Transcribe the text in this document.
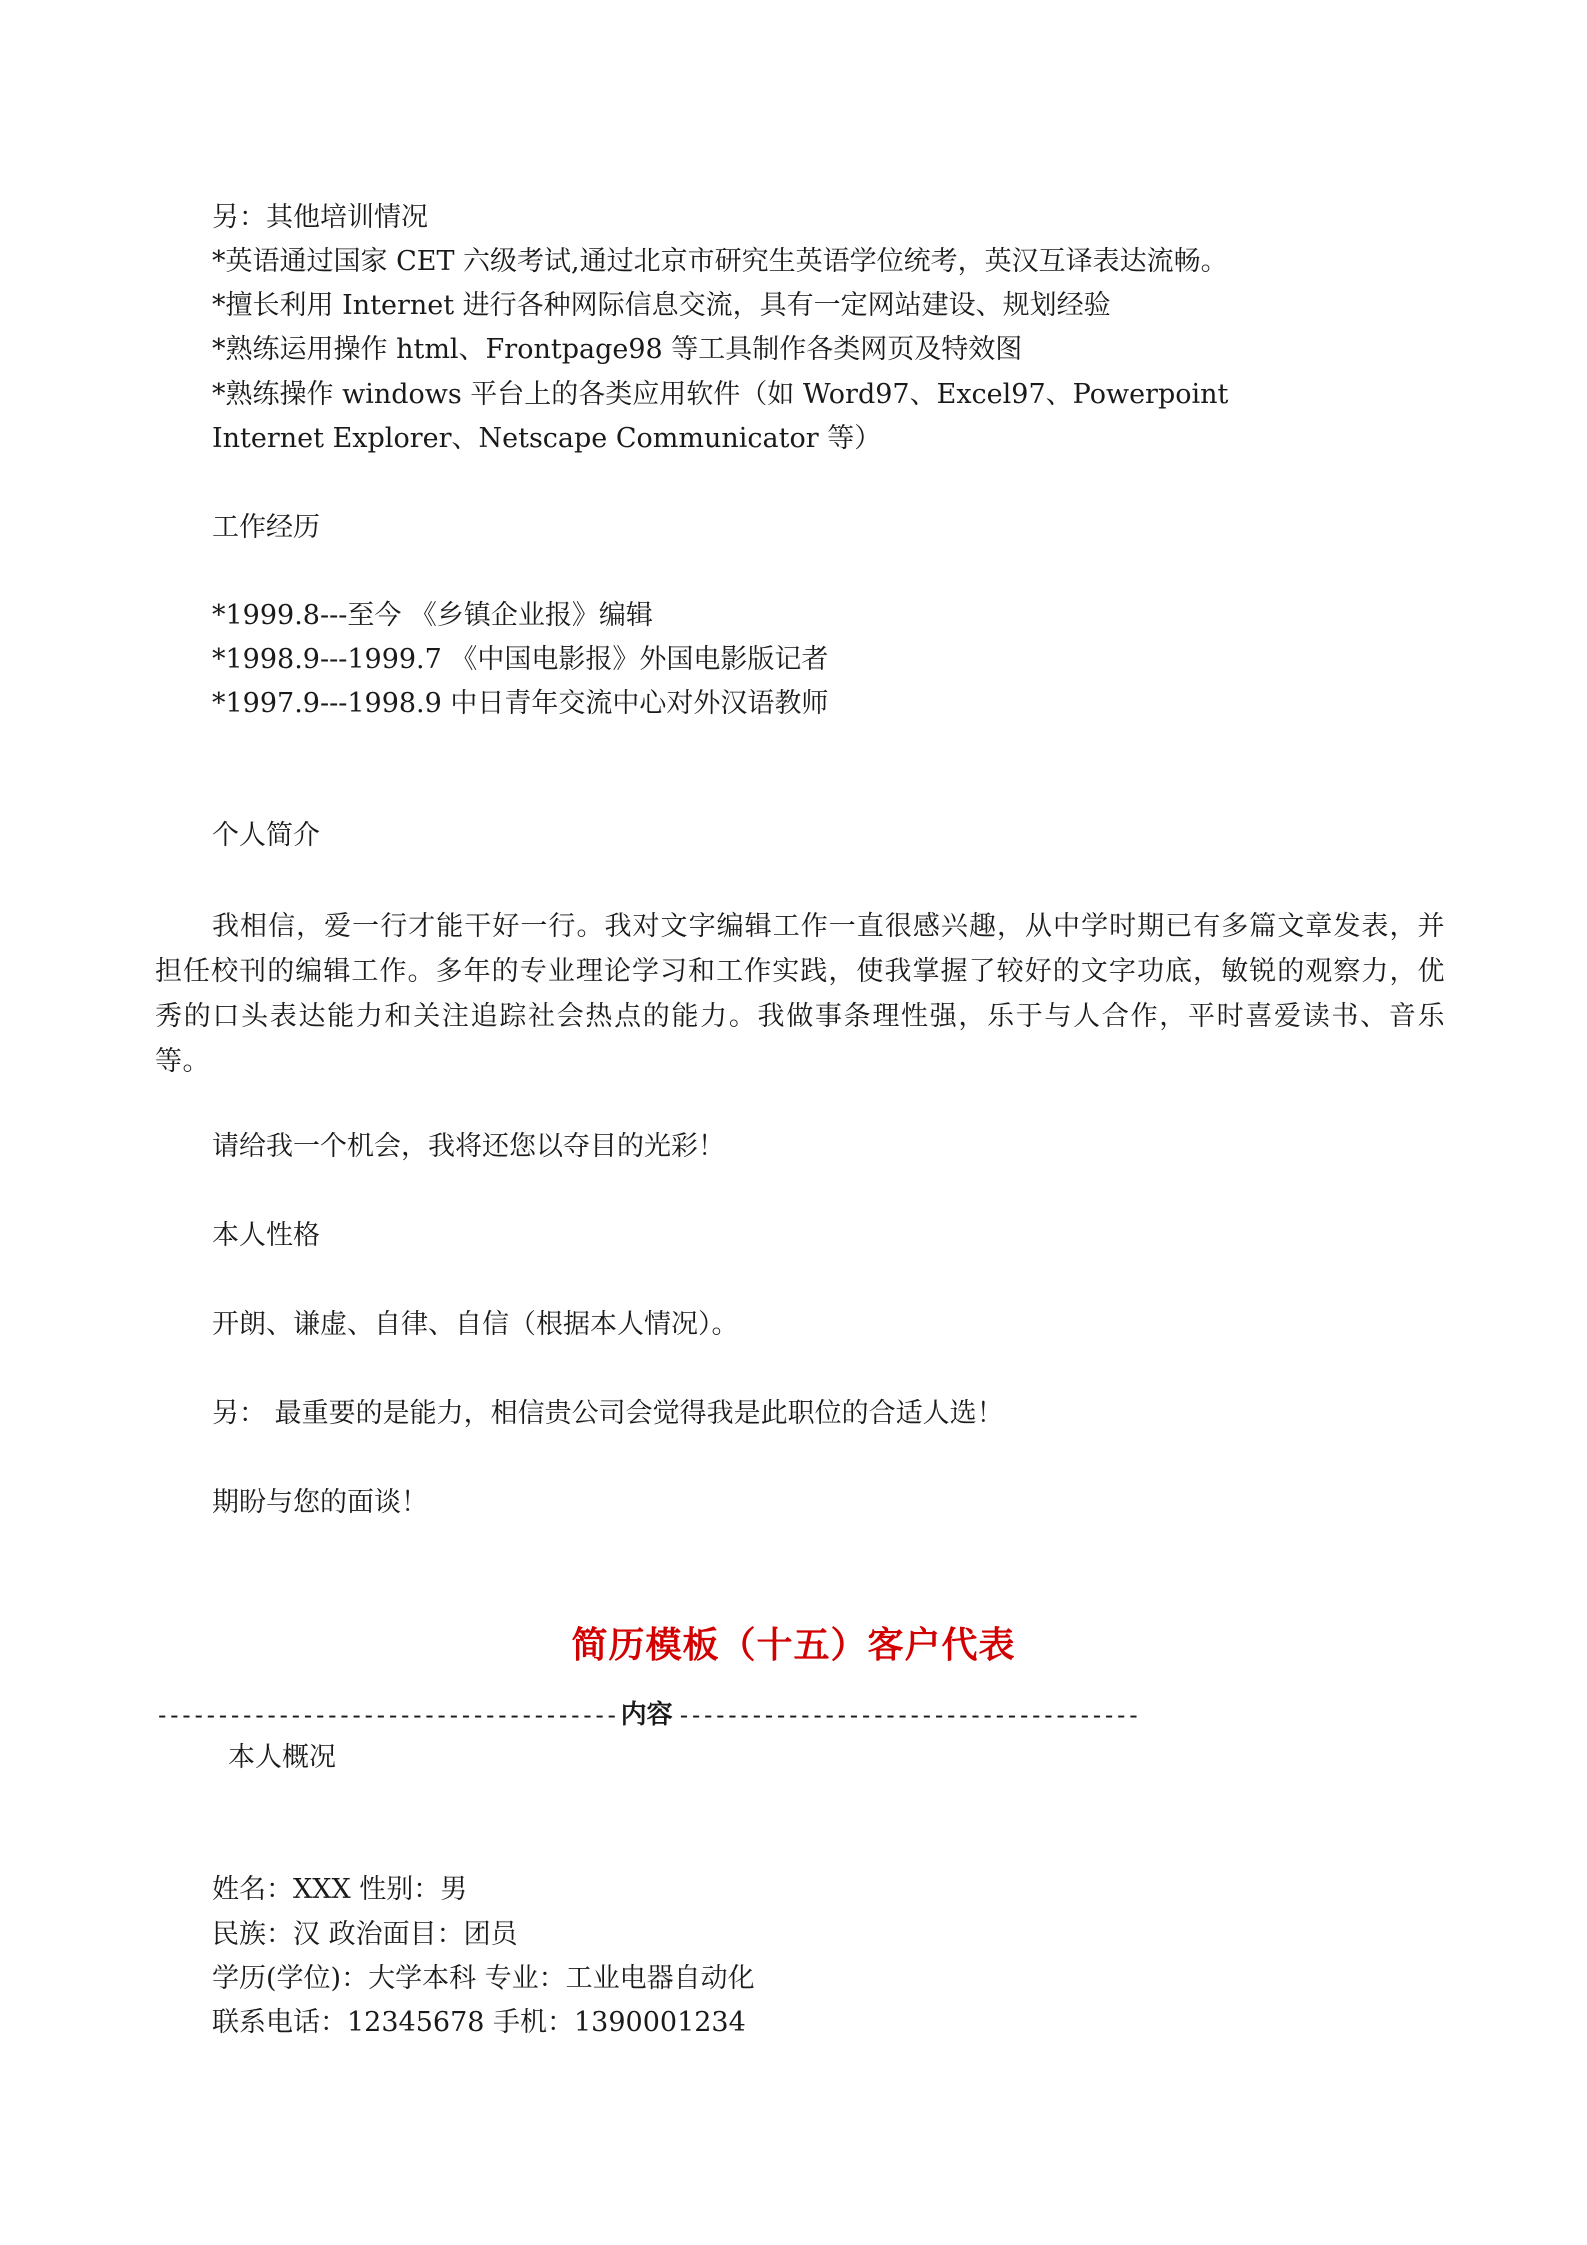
另：其他培训情况

*英语通过国家 CET 六级考试,通过北京市研究生英语学位统考，英汉互译表达流畅。

*擅长利用 Internet 进行各种网际信息交流，具有一定网站建设、规划经验

*熟练运用操作 html、Frontpage98 等工具制作各类网页及特效图

*熟练操作 windows 平台上的各类应用软件（如 Word97、Excel97、Powerpoint

Internet Explorer、Netscape Communicator 等）

工作经历

*1999.8---至今 《乡镇企业报》编辑

*1998.9---1999.7 《中国电影报》外国电影版记者

*1997.9---1998.9 中日青年交流中心对外汉语教师

个人简介

我相信，爱一行才能干好一行。我对文字编辑工作一直很感兴趣，从中学时期已有多篇文章发表，并担任校刊的编辑工作。多年的专业理论学习和工作实践，使我掌握了较好的文字功底，敏锐的观察力，优秀的口头表达能力和关注追踪社会热点的能力。我做事条理性强，乐于与人合作，平时喜爱读书、音乐等。

请给我一个机会，我将还您以夺目的光彩！

本人性格

开朗、谦虚、自律、自信（根据本人情况）。

另： 最重要的是能力，相信贵公司会觉得我是此职位的合适人选！

期盼与您的面谈！

简历模板（十五）客户代表
-------------------------------------- 内容 --------------------------------------

本人概况

姓名：XXX 性别：男

民族：汉 政治面目：团员

学历(学位)：大学本科 专业：工业电器自动化

联系电话：12345678 手机：1390001234
